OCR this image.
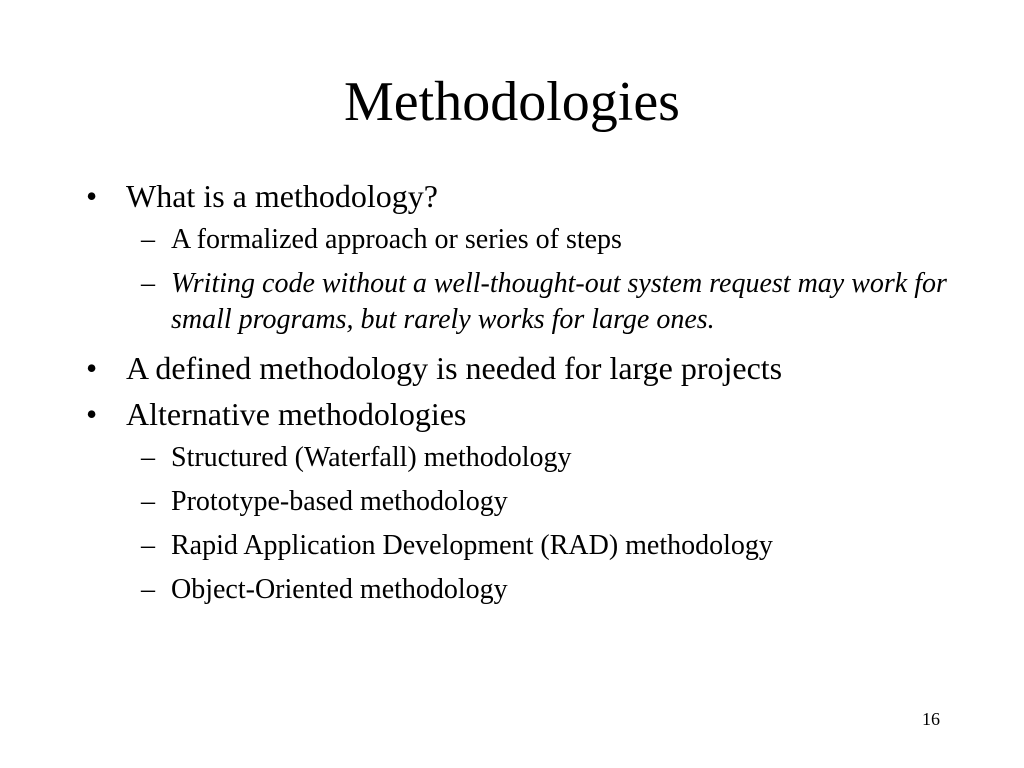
Methodologies
• What is a methodology?
– A formalized approach or series of steps
– Writing code without a well-thought-out system request may work for small programs, but rarely works for large ones.
• A defined methodology is needed for large projects
• Alternative methodologies
– Structured (Waterfall) methodology
– Prototype-based methodology
– Rapid Application Development (RAD) methodology
– Object-Oriented methodology
16
